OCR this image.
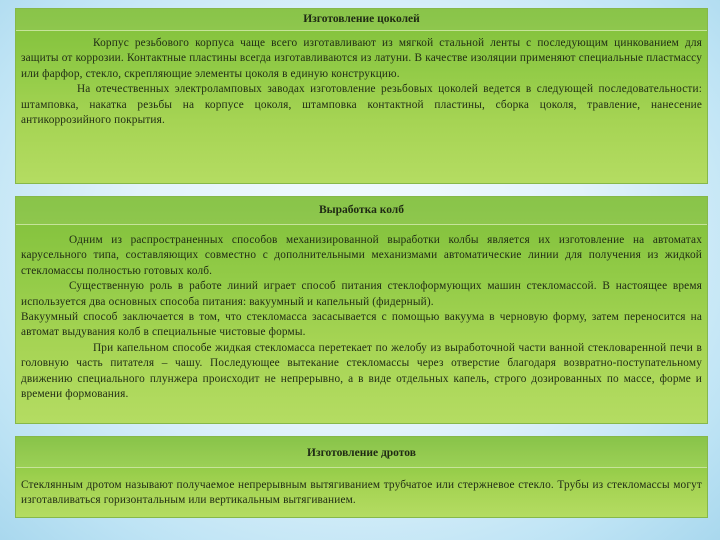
Изготовление цоколей

Корпус резьбового корпуса чаще всего изготавливают из мягкой стальной ленты с последующим цинкованием для защиты от коррозии. Контактные пластины всегда изготавливаются из латуни. В качестве изоляции применяют специальные пластмассу или фарфор, стекло, скрепляющие элементы цоколя в единую конструкцию.

На отечественных электроламповых заводах изготовление резьбовых цоколей ведется в следующей последовательности: штамповка, накатка резьбы на корпусе цоколя, штамповка контактной пластины, сборка цоколя, травление, нанесение антикоррозийного покрытия.

Выработка колб

Одним из распространенных способов механизированной выработки колбы является их изготовление на автоматах карусельного типа, составляющих совместно с дополнительными механизмами автоматические линии для получения из жидкой стекломассы полностью готовых колб.

Существенную роль в работе линий играет способ питания стеклоформующих машин стекломассой. В настоящее время используется два основных способа питания: вакуумный и капельный (фидерный).

Вакуумный способ заключается в том, что стекломасса засасывается с помощью вакуума в черновую форму, затем переносится на автомат выдувания колб в специальные чистовые формы.

При капельном способе жидкая стекломасса перетекает по желобу из выработочной части ванной стекловаренной печи в головную часть питателя – чашу. Последующее вытекание стекломассы через отверстие благодаря возвратно-поступательному движению специального плунжера происходит не непрерывно, а в виде отдельных капель, строго дозированных по массе, форме и времени формования.

Изготовление дротов

Стеклянным дротом называют получаемое непрерывным вытягиванием трубчатое или стержневое стекло. Трубы из стекломассы могут изготавливаться горизонтальным или вертикальным вытягиванием.
